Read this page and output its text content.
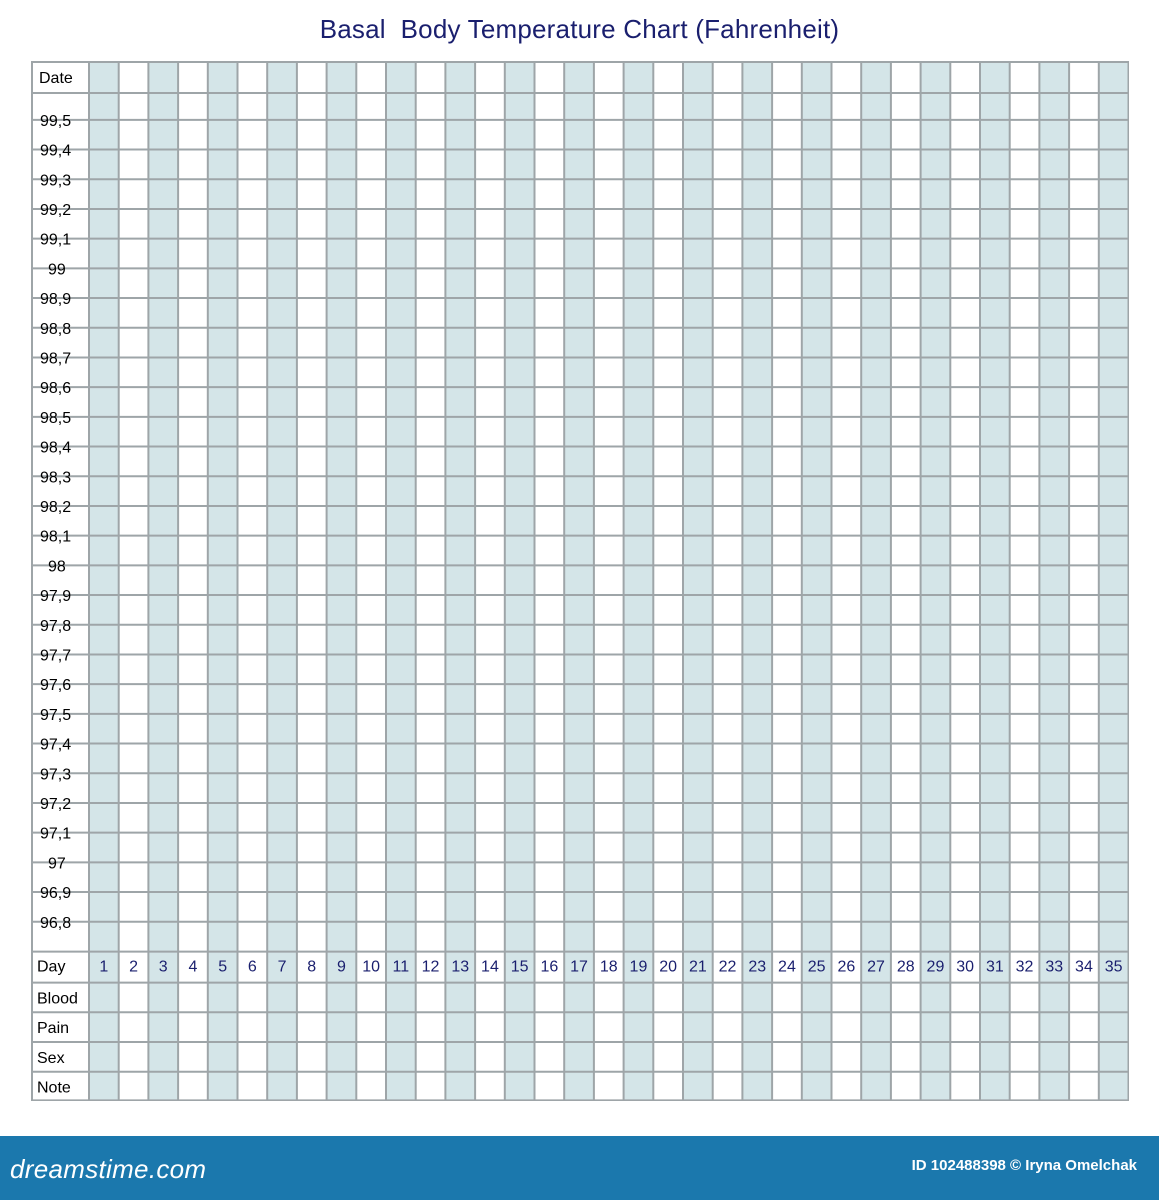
Basal  Body Temperature Chart (Fahrenheit)
Date
99,5
99,4
99,3
99,2
99,1
99
98,9
98,8
98,7
98,6
98,5
98,4
98,3
98,2
98,1
98
97,9
97,8
97,7
97,6
97,5
97,4
97,3
97,2
97,1
97
96,9
96,8
Day 1 2 3 4 5 6 7 8 9 10 11 12 13 14 15 16 17 18 19 20 21 22 23 24 25 26 27 28 29 30 31 32 33 34 35
Blood
Pain
Sex
Note
dreamstime.com	ID 102488398 © Iryna Omelchak
